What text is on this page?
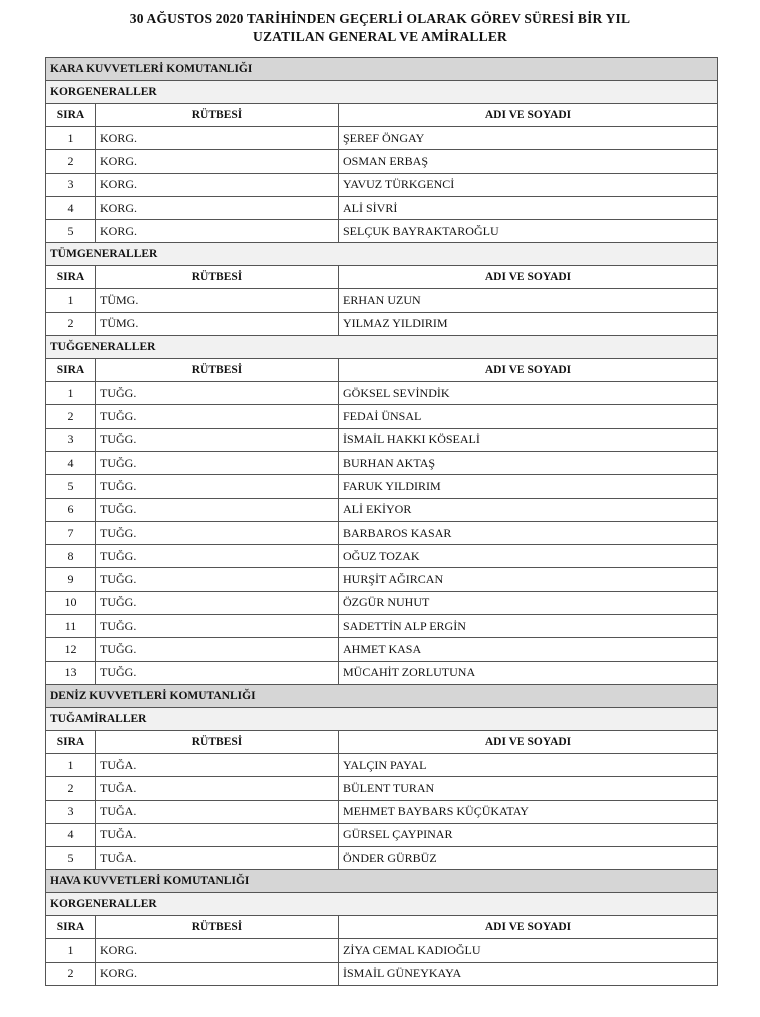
30 AĞUSTOS 2020 TARİHİNDEN GEÇERLİ OLARAK GÖREV SÜRESİ BİR YIL
UZATILAN GENERAL VE AMİRALLER
KARA KUVVETLERİ KOMUTANLIĞI		
KORGENERALLER		
SIRA	RÜTBESİ	ADI VE SOYADI
1	KORG.	ŞEREF ÖNGAY
2	KORG.	OSMAN ERBAŞ
3	KORG.	YAVUZ TÜRKGENCİ
4	KORG.	ALİ SİVRİ
5	KORG.	SELÇUK BAYRAKTAROĞLU
TÜMGENERALLER		
SIRA	RÜTBESİ	ADI VE SOYADI
1	TÜMG.	ERHAN UZUN
2	TÜMG.	YILMAZ YILDIRIM
TUĞGENERALLER		
SIRA	RÜTBESİ	ADI VE SOYADI
1	TUĞG.	GÖKSEL SEVİNDİK
2	TUĞG.	FEDAİ ÜNSAL
3	TUĞG.	İSMAİL HAKKI KÖSEALİ
4	TUĞG.	BURHAN AKTAŞ
5	TUĞG.	FARUK YILDIRIM
6	TUĞG.	ALİ EKİYOR
7	TUĞG.	BARBAROS KASAR
8	TUĞG.	OĞUZ TOZAK
9	TUĞG.	HURŞİT AĞIRCAN
10	TUĞG.	ÖZGÜR NUHUT
11	TUĞG.	SADETTİN ALP ERGİN
12	TUĞG.	AHMET KASA
13	TUĞG.	MÜCAHİT ZORLUTUNA
DENİZ KUVVETLERİ KOMUTANLIĞI		
TUĞAMİRALLER		
SIRA	RÜTBESİ	ADI VE SOYADI
1	TUĞA.	YALÇIN PAYAL
2	TUĞA.	BÜLENT TURAN
3	TUĞA.	MEHMET BAYBARS KÜÇÜKATAY
4	TUĞA.	GÜRSEL ÇAYPINAR
5	TUĞA.	ÖNDER GÜRBÜZ
HAVA KUVVETLERİ KOMUTANLIĞI		
KORGENERALLER		
SIRA	RÜTBESİ	ADI VE SOYADI
1	KORG.	ZİYA CEMAL KADIOĞLU
2	KORG.	İSMAİL GÜNEYKAYA
